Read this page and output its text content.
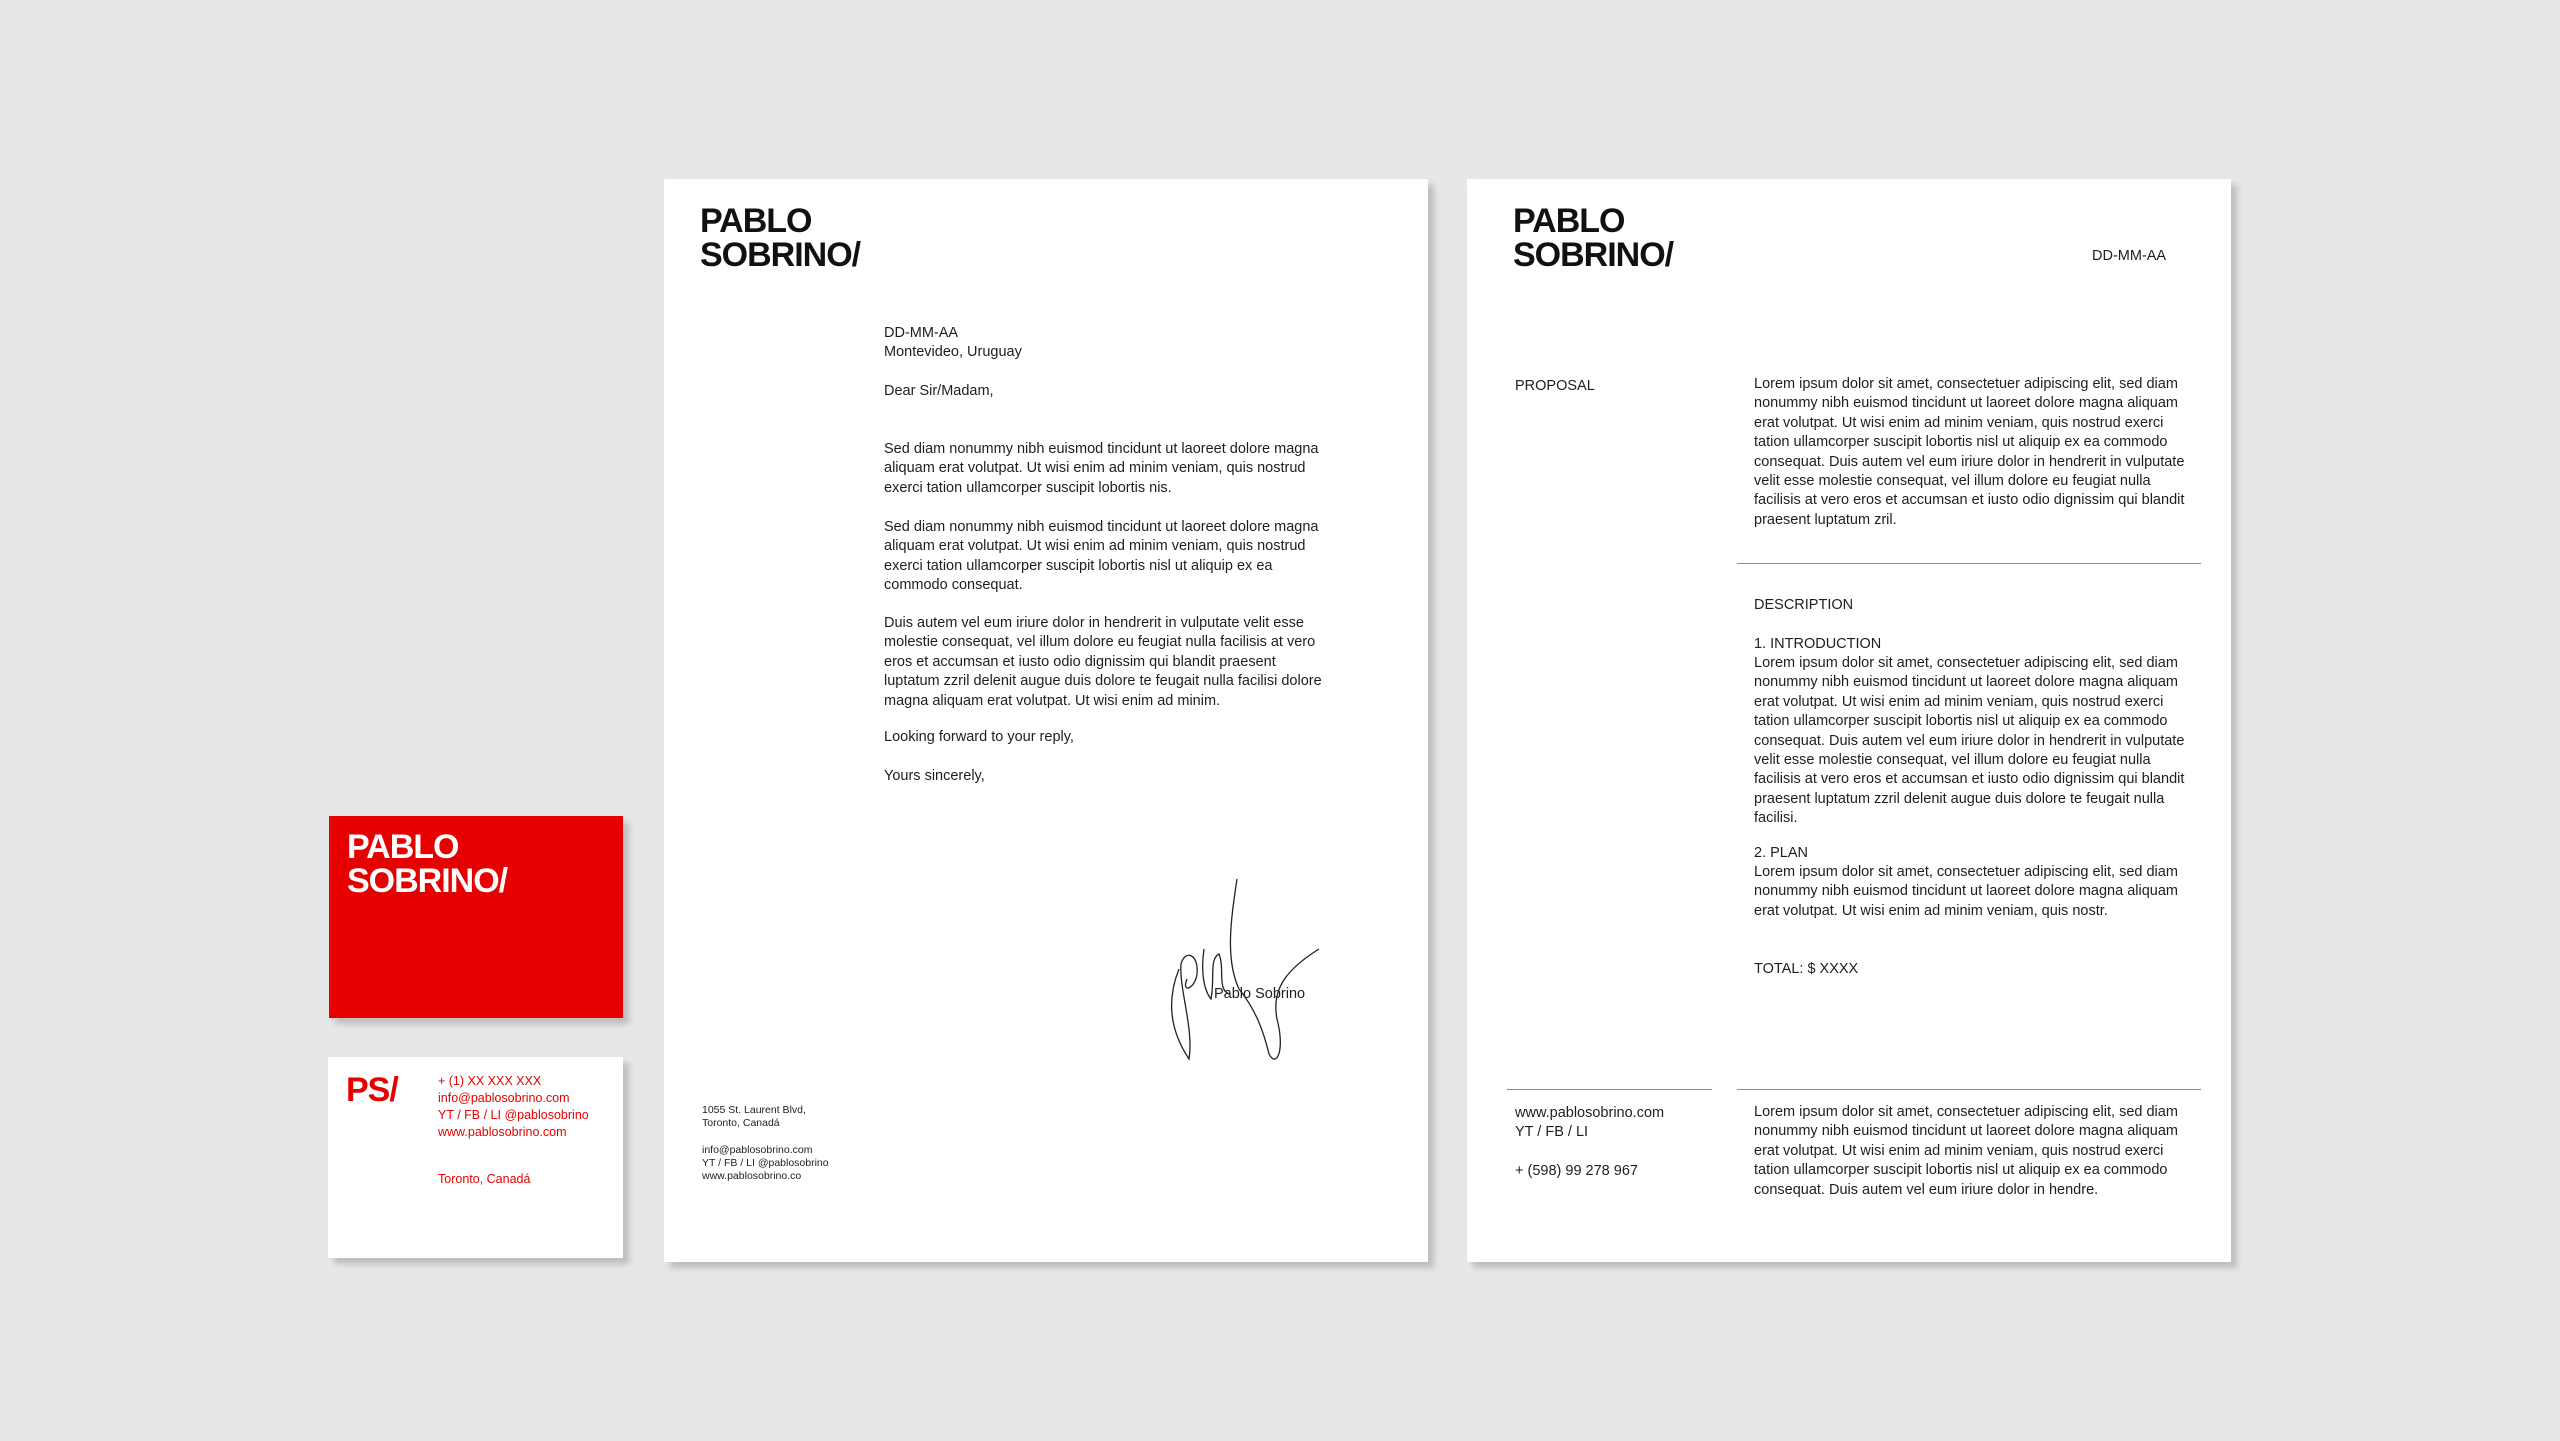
PABLO
SOBRINO/
PS/	+ (1) XX XXX XXX
info@pablosobrino.com
YT / FB / LI @pablosobrino
www.pablosobrino.com
Toronto, Canadá
PABLO
SOBRINO/
DD-MM-AA
Montevideo, Uruguay
Dear Sir/Madam,
Sed diam nonummy nibh euismod tincidunt ut laoreet dolore magna aliquam erat volutpat. Ut wisi enim ad minim veniam, quis nostrud exerci tation ullamcorper suscipit lobortis nis.
Sed diam nonummy nibh euismod tincidunt ut laoreet dolore magna aliquam erat volutpat. Ut wisi enim ad minim veniam, quis nostrud exerci tation ullamcorper suscipit lobortis nisl ut aliquip ex ea commodo consequat.
Duis autem vel eum iriure dolor in hendrerit in vulputate velit esse molestie consequat, vel illum dolore eu feugiat nulla facilisis at vero eros et accumsan et iusto odio dignissim qui blandit praesent luptatum zzril delenit augue duis dolore te feugait nulla facilisi dolore magna aliquam erat volutpat. Ut wisi enim ad minim.
Looking forward to your reply,
Yours sincerely,
Pablo Sobrino
1055 St. Laurent Blvd,
Toronto, Canadá
info@pablosobrino.com
YT / FB / LI @pablosobrino
www.pablosobrino.co
PABLO
SOBRINO/	DD-MM-AA
PROPOSAL	Lorem ipsum dolor sit amet, consectetuer adipiscing elit, sed diam nonummy nibh euismod tincidunt ut laoreet dolore magna aliquam erat volutpat. Ut wisi enim ad minim veniam, quis nostrud exerci tation ullamcorper suscipit lobortis nisl ut aliquip ex ea commodo consequat. Duis autem vel eum iriure dolor in hendrerit in vulputate velit esse molestie consequat, vel illum dolore eu feugiat nulla facilisis at vero eros et accumsan et iusto odio dignissim qui blandit praesent luptatum zril.
DESCRIPTION
1. INTRODUCTION
Lorem ipsum dolor sit amet, consectetuer adipiscing elit, sed diam nonummy nibh euismod tincidunt ut laoreet dolore magna aliquam erat volutpat. Ut wisi enim ad minim veniam, quis nostrud exerci tation ullamcorper suscipit lobortis nisl ut aliquip ex ea commodo consequat. Duis autem vel eum iriure dolor in hendrerit in vulputate velit esse molestie consequat, vel illum dolore eu feugiat nulla facilisis at vero eros et accumsan et iusto odio dignissim qui blandit praesent luptatum zzril delenit augue duis dolore te feugait nulla facilisi.
2. PLAN
Lorem ipsum dolor sit amet, consectetuer adipiscing elit, sed diam nonummy nibh euismod tincidunt ut laoreet dolore magna aliquam erat volutpat. Ut wisi enim ad minim veniam, quis nostr.
TOTAL: $ XXXX
www.pablosobrino.com
YT / FB / LI
+ (598) 99 278 967
Lorem ipsum dolor sit amet, consectetuer adipiscing elit, sed diam nonummy nibh euismod tincidunt ut laoreet dolore magna aliquam erat volutpat. Ut wisi enim ad minim veniam, quis nostrud exerci tation ullamcorper suscipit lobortis nisl ut aliquip ex ea commodo consequat. Duis autem vel eum iriure dolor in hendre.
